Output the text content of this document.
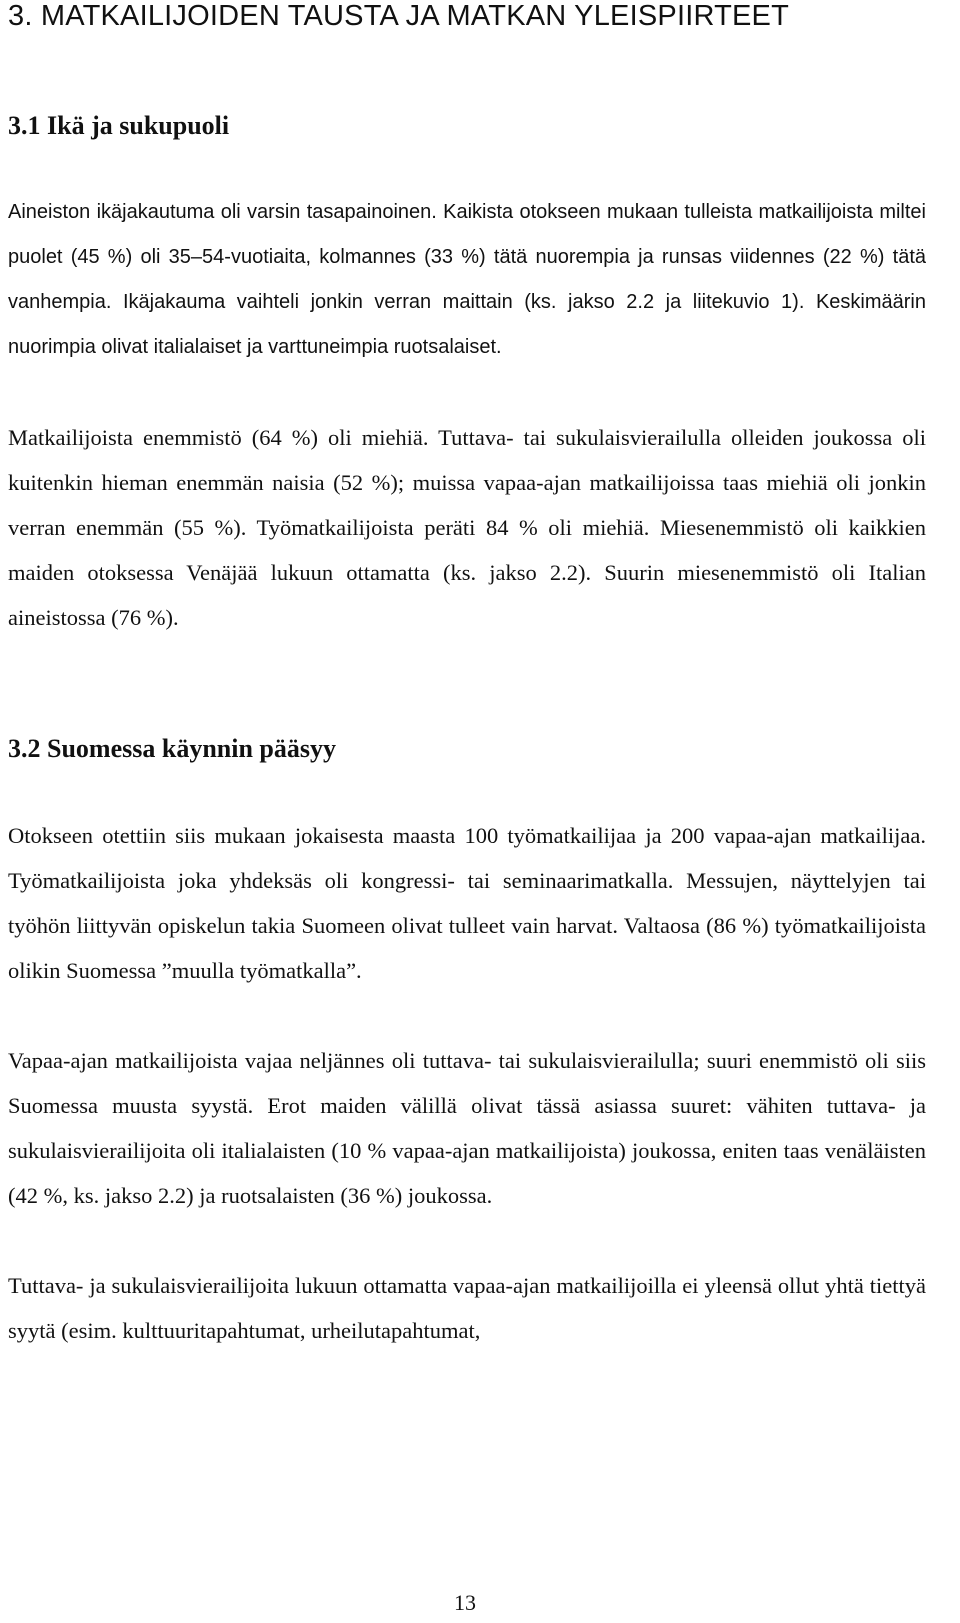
3. MATKAILIJOIDEN TAUSTA JA MATKAN YLEISPIIRTEET
3.1 Ikä ja sukupuoli

Aineiston ikäjakautuma oli varsin tasapainoinen. Kaikista otokseen mukaan tulleista matkailijoista miltei puolet (45 %) oli 35–54-vuotiaita, kolmannes (33 %) tätä nuorempia ja runsas viidennes (22 %) tätä vanhempia. Ikäjakauma vaihteli jonkin verran maittain (ks. jakso 2.2 ja liitekuvio 1). Keskimäärin nuorimpia olivat italialaiset ja varttuneimpia ruotsalaiset.

Matkailijoista enemmistö (64 %) oli miehiä. Tuttava- tai sukulaisvierailulla olleiden joukossa oli kuitenkin hieman enemmän naisia (52 %); muissa vapaa-ajan matkailijoissa taas miehiä oli jonkin verran enemmän (55 %). Työmatkailijoista peräti 84 % oli miehiä. Miesenemmistö oli kaikkien maiden otoksessa Venäjää lukuun ottamatta (ks. jakso 2.2). Suurin miesenemmistö oli Italian aineistossa (76 %).

3.2 Suomessa käynnin pääsyy

Otokseen otettiin siis mukaan jokaisesta maasta 100 työmatkailijaa ja 200 vapaa-ajan matkailijaa. Työmatkailijoista joka yhdeksäs oli kongressi- tai seminaarimatkalla. Messujen, näyttelyjen tai työhön liittyvän opiskelun takia Suomeen olivat tulleet vain harvat. Valtaosa (86 %) työmatkailijoista olikin Suomessa ”muulla työmatkalla”.

Vapaa-ajan matkailijoista vajaa neljännes oli tuttava- tai sukulaisvierailulla; suuri enemmistö oli siis Suomessa muusta syystä. Erot maiden välillä olivat tässä asiassa suuret: vähiten tuttava- ja sukulaisvierailijoita oli italialaisten (10 % vapaa-ajan matkailijoista) joukossa, eniten taas venäläisten (42 %, ks. jakso 2.2) ja ruotsalaisten (36 %) joukossa.

Tuttava- ja sukulaisvierailijoita lukuun ottamatta vapaa-ajan matkailijoilla ei yleensä ollut yhtä tiettyä syytä (esim. kulttuuritapahtumat, urheilutapahtumat,

13
